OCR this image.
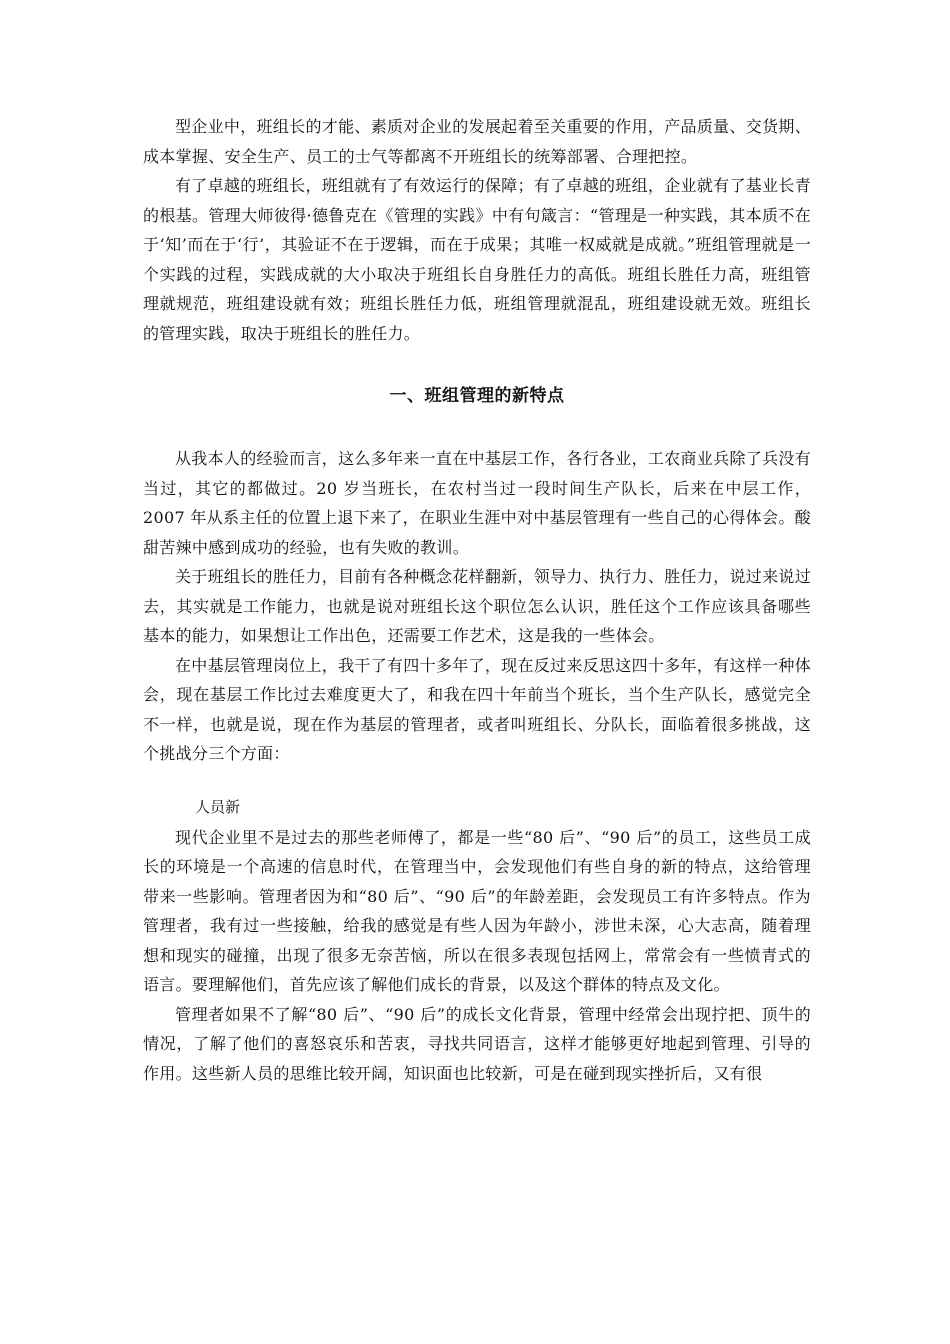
型企业中，班组长的才能、素质对企业的发展起着至关重要的作用，产品质量、交货期、成本掌握、安全生产、员工的士气等都离不开班组长的统筹部署、合理把控。

有了卓越的班组长，班组就有了有效运行的保障；有了卓越的班组，企业就有了基业长青的根基。管理大师彼得·德鲁克在《管理的实践》中有句箴言：“管理是一种实践，其本质不在于‘知’而在于‘行’，其验证不在于逻辑，而在于成果；其唯一权威就是成就。”班组管理就是一个实践的过程，实践成就的大小取决于班组长自身胜任力的高低。班组长胜任力高，班组管理就规范，班组建设就有效；班组长胜任力低，班组管理就混乱，班组建设就无效。班组长的管理实践，取决于班组长的胜任力。

一、班组管理的新特点

从我本人的经验而言，这么多年来一直在中基层工作，各行各业，工农商业兵除了兵没有当过，其它的都做过。20 岁当班长，在农村当过一段时间生产队长，后来在中层工作，2007 年从系主任的位置上退下来了，在职业生涯中对中基层管理有一些自己的心得体会。酸甜苦辣中感到成功的经验，也有失败的教训。

关于班组长的胜任力，目前有各种概念花样翻新，领导力、执行力、胜任力，说过来说过去，其实就是工作能力，也就是说对班组长这个职位怎么认识，胜任这个工作应该具备哪些基本的能力，如果想让工作出色，还需要工作艺术，这是我的一些体会。

在中基层管理岗位上，我干了有四十多年了，现在反过来反思这四十多年，有这样一种体会，现在基层工作比过去难度更大了，和我在四十年前当个班长，当个生产队长，感觉完全不一样，也就是说，现在作为基层的管理者，或者叫班组长、分队长，面临着很多挑战，这个挑战分三个方面：

人员新

现代企业里不是过去的那些老师傅了，都是一些“80 后”、“90 后”的员工，这些员工成长的环境是一个高速的信息时代，在管理当中，会发现他们有些自身的新的特点，这给管理带来一些影响。管理者因为和“80 后”、“90 后”的年龄差距，会发现员工有许多特点。作为管理者，我有过一些接触，给我的感觉是有些人因为年龄小，涉世未深，心大志高，随着理想和现实的碰撞，出现了很多无奈苦恼，所以在很多表现包括网上，常常会有一些愤青式的语言。要理解他们，首先应该了解他们成长的背景，以及这个群体的特点及文化。

管理者如果不了解“80 后”、“90 后”的成长文化背景，管理中经常会出现拧把、顶牛的情况，了解了他们的喜怒哀乐和苦衷，寻找共同语言，这样才能够更好地起到管理、引导的作用。这些新人员的思维比较开阔，知识面也比较新，可是在碰到现实挫折后，又有很
